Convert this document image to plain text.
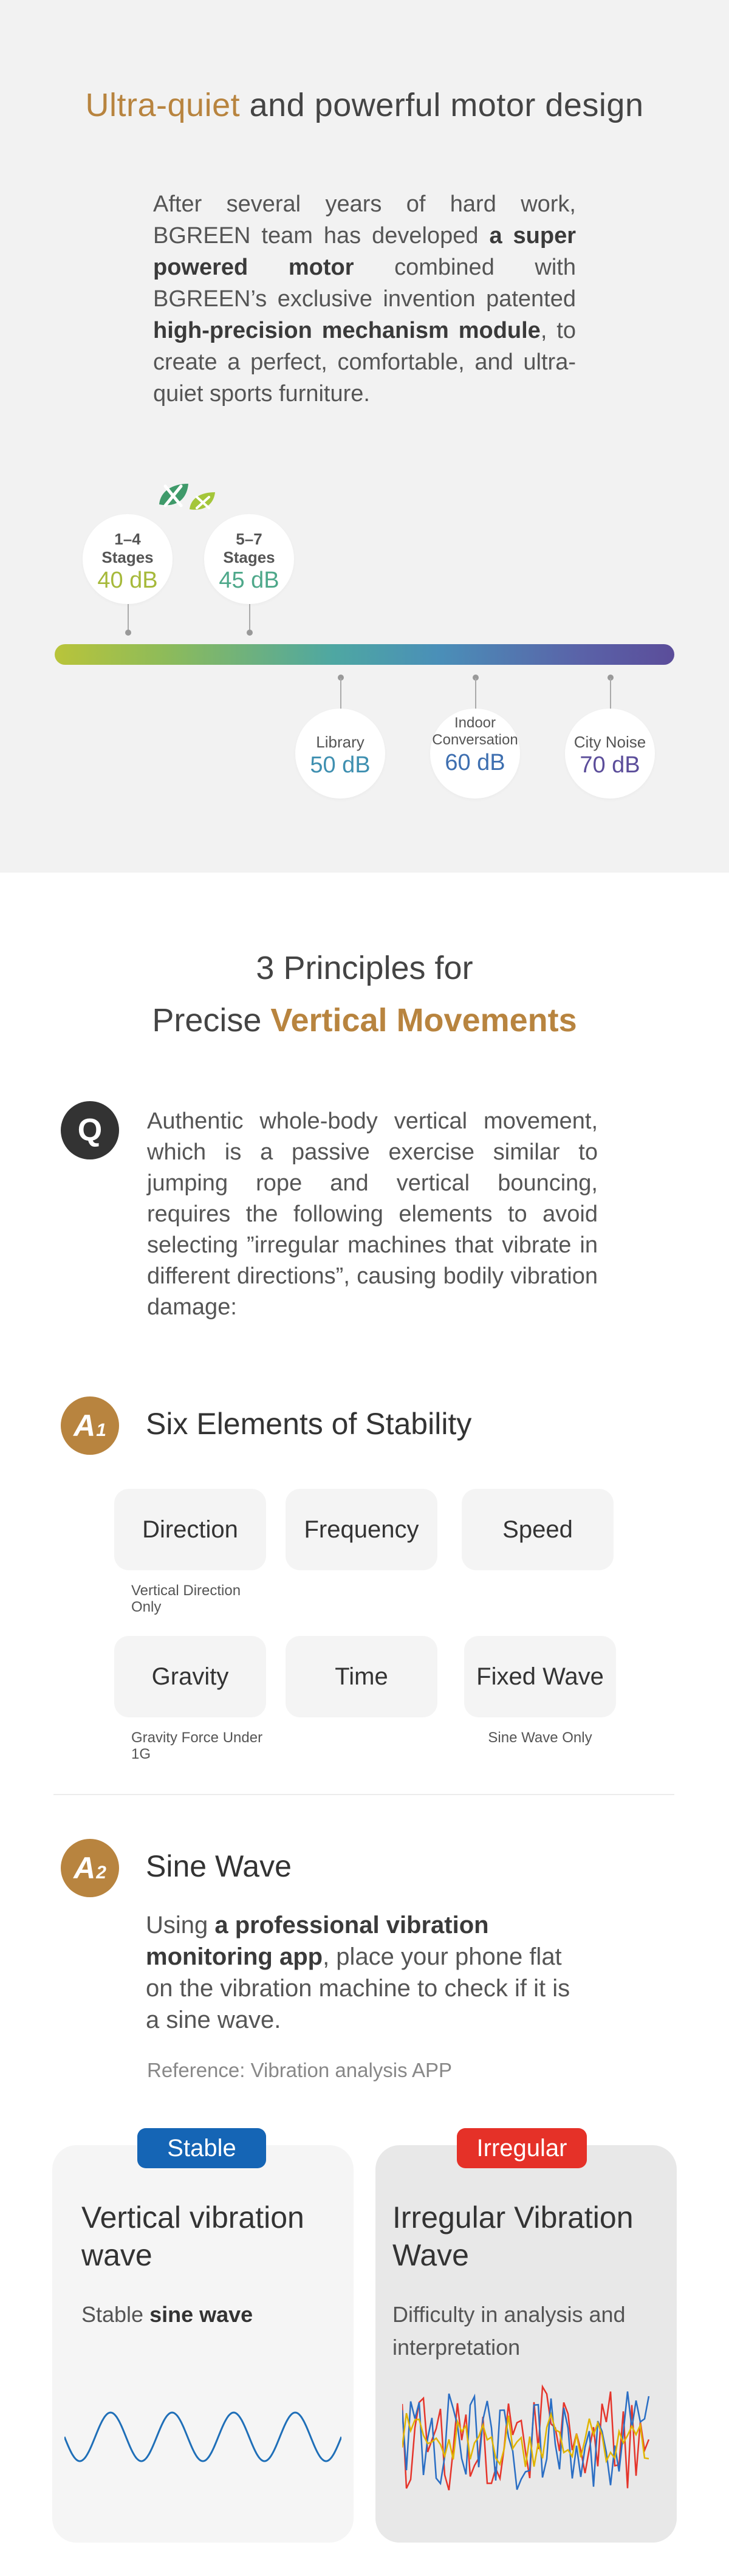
Ultra-quiet and powerful motor design
After several years of hard work, BGREEN team has developed a super powered motor combined with BGREEN’s exclusive invention patented high-precision mechanism module, to create a perfect, comfortable, and ultra-quiet sports furniture.
1–4
Stages
40 dB
5–7
Stages
45 dB
Library
50 dB
Indoor
Conversation
60 dB
City Noise
70 dB
3 Principles for
Precise Vertical Movements
Q	Authentic whole-body vertical movement, which is a passive exercise similar to jumping rope and vertical bouncing, requires the following elements to avoid selecting ”irregular machines that vibrate in different directions”, causing bodily vibration damage:
A1	Six Elements of Stability
Direction
Vertical Direction Only
Frequency	Speed
Gravity
Gravity Force Under 1G
Time	Fixed Wave
Sine Wave Only
A2	Sine Wave
Using a professional vibration monitoring app, place your phone flat on the vibration machine to check if it is a sine wave.
Reference: Vibration analysis APP
Stable
Vertical vibration wave
Stable sine wave
Irregular
Irregular Vibration Wave
Difficulty in analysis and interpretation
